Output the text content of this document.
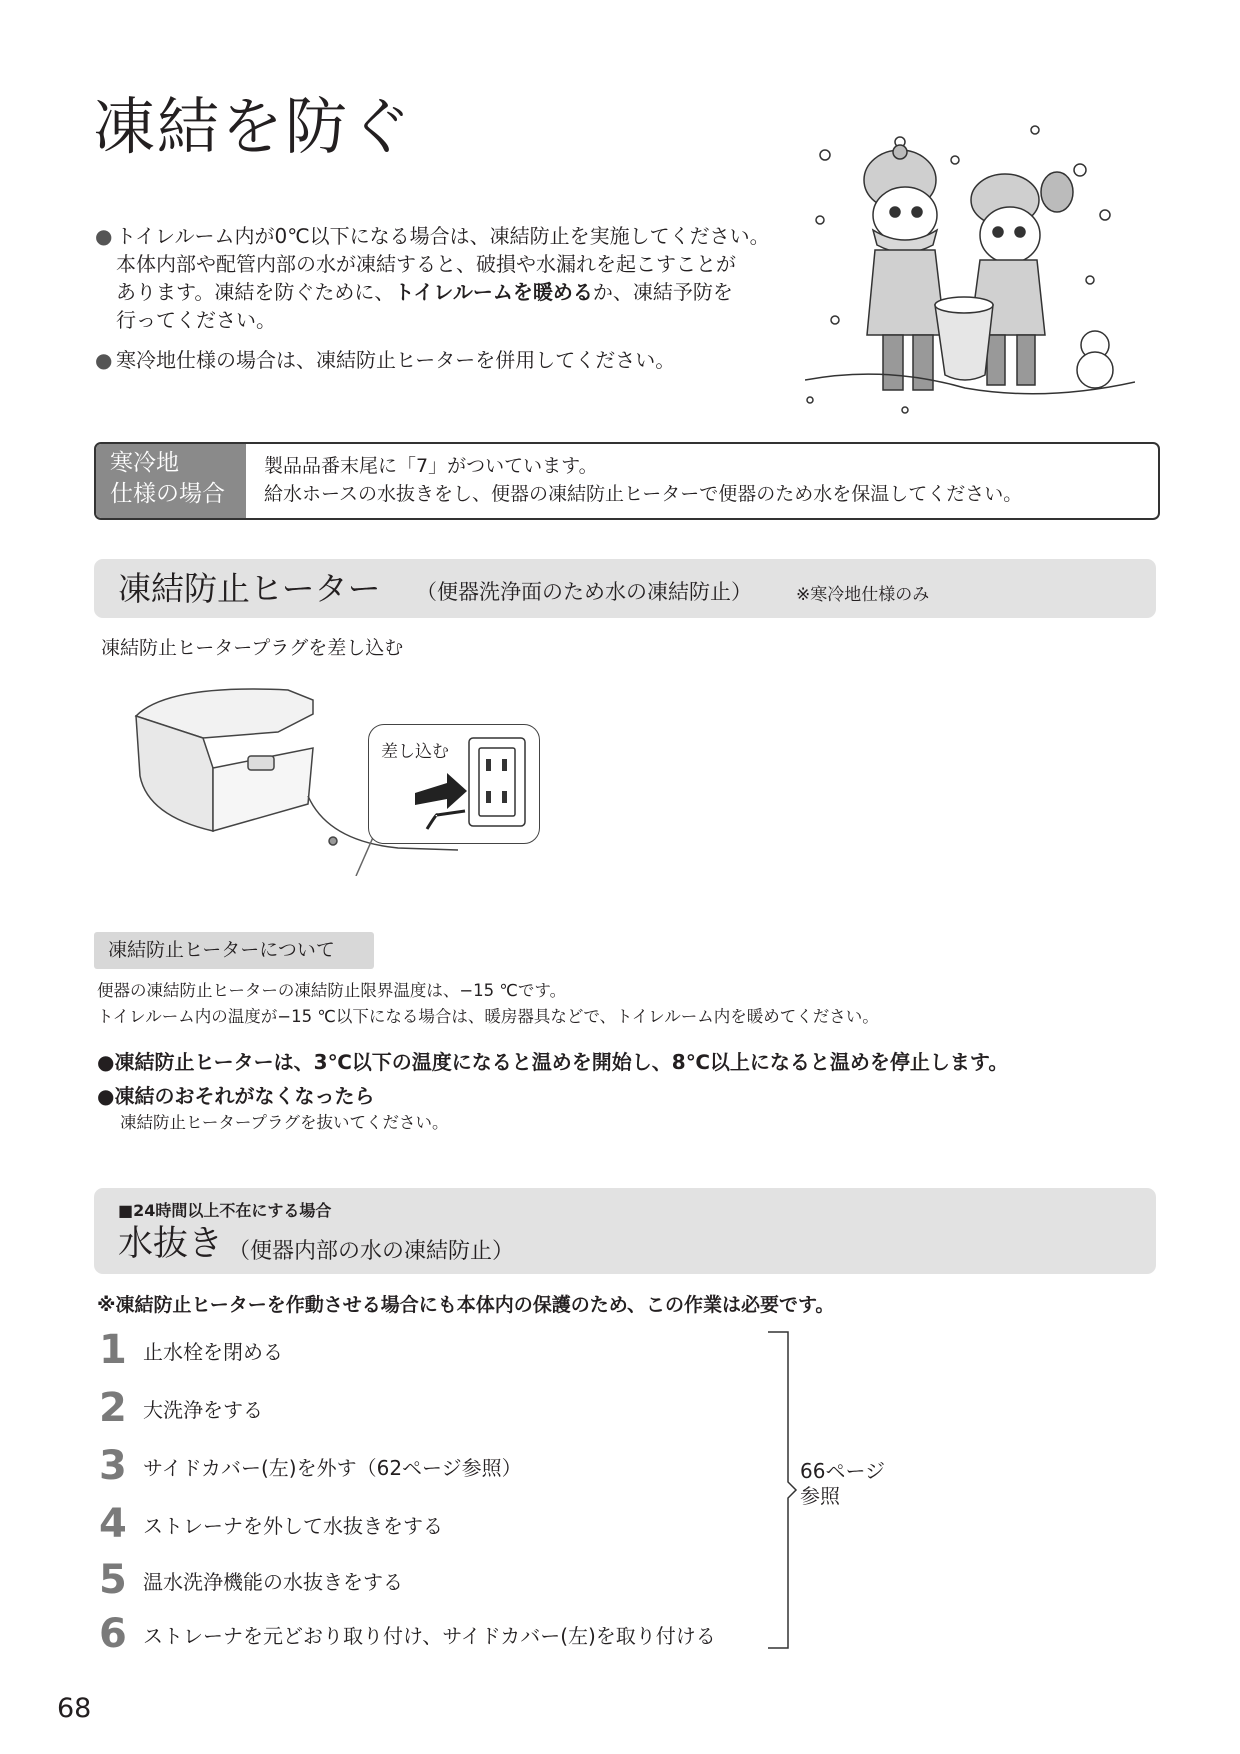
凍結を防ぐ
● トイレルーム内が0℃以下になる場合は、凍結防止を実施してください。
本体内部や配管内部の水が凍結すると、破損や水漏れを起こすことが
あります。凍結を防ぐために、トイレルームを暖めるか、凍結予防を
行ってください。
● 寒冷地仕様の場合は、凍結防止ヒーターを併用してください。
寒冷地
仕様の場合
製品品番末尾に「7」がついています。
給水ホースの水抜きをし、便器の凍結防止ヒーターで便器のため水を保温してください。
凍結防止ヒーター （便器洗浄面のため水の凍結防止）	※寒冷地仕様のみ
凍結防止ヒータープラグを差し込む
差し込む
凍結防止ヒーターについて
便器の凍結防止ヒーターの凍結防止限界温度は、−15 ℃です。
トイレルーム内の温度が−15 ℃以下になる場合は、暖房器具などで、トイレルーム内を暖めてください。
●凍結防止ヒーターは、3℃以下の温度になると温めを開始し、8℃以上になると温めを停止します。
●凍結のおそれがなくなったら
凍結防止ヒータープラグを抜いてください。
■24時間以上不在にする場合
水抜き （便器内部の水の凍結防止）
※凍結防止ヒーターを作動させる場合にも本体内の保護のため、この作業は必要です。
1 止水栓を閉める
2 大洗浄をする
3 サイドカバー(左)を外す（62ページ参照）
4 ストレーナを外して水抜きをする
5 温水洗浄機能の水抜きをする
6 ストレーナを元どおり取り付け、サイドカバー(左)を取り付ける
66ページ
参照
68
